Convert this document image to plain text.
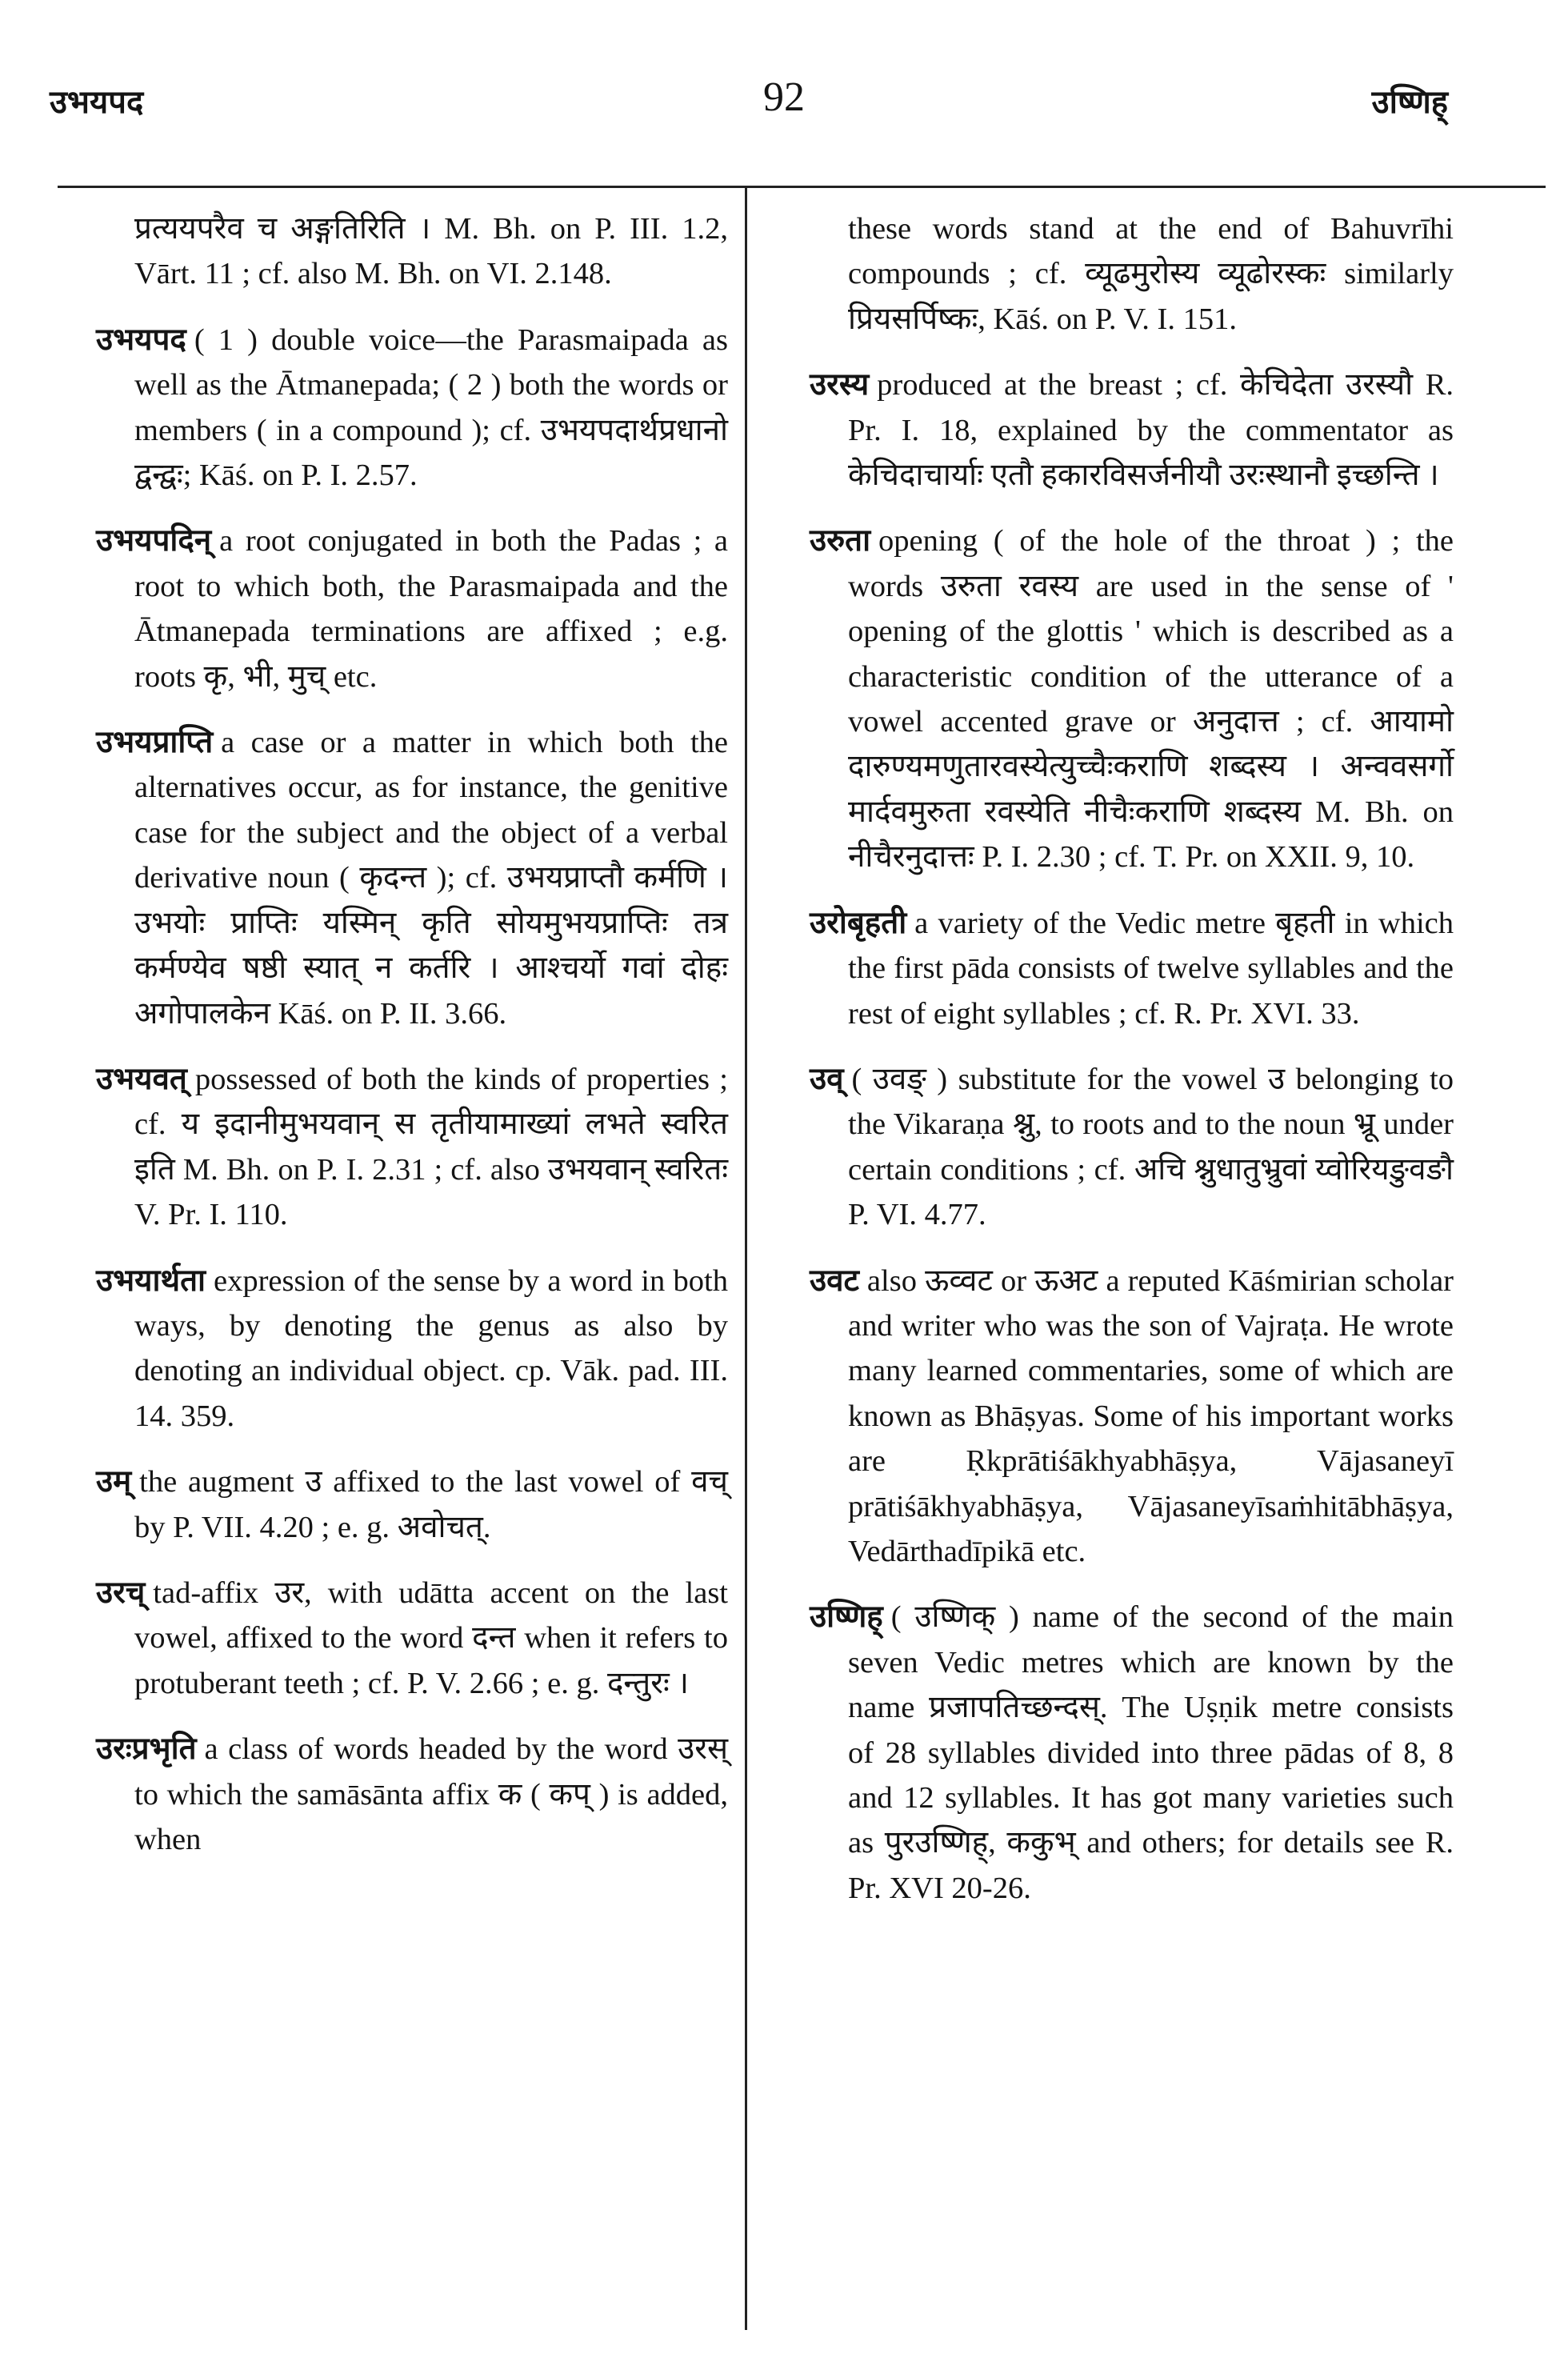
उभयपद	92	उष्णिह्

प्रत्ययपरैव च अङ्गतिरिति । M. Bh. on P. III. 1.2, Vārt. 11 ; cf. also M. Bh. on VI. 2.148.

उभयपद ( 1 ) double voice—the Parasmaipada as well as the Ātmanepada; ( 2 ) both the words or members ( in a compound ); cf. उभयपदार्थप्रधानो द्वन्द्वः; Kāś. on P. I. 2.57.

उभयपदिन् a root conjugated in both the Padas ; a root to which both, the Parasmaipada and the Ātmanepada terminations are affixed ; e.g. roots कृ, भी, मुच् etc.

उभयप्राप्ति a case or a matter in which both the alternatives occur, as for instance, the genitive case for the subject and the object of a verbal derivative noun ( कृदन्त ); cf. उभयप्राप्तौ कर्मणि । उभयोः प्राप्तिः यस्मिन् कृति सोयमुभयप्राप्तिः तत्र कर्मण्येव षष्ठी स्यात् न कर्तरि । आश्चर्यो गवां दोहः अगोपालकेन Kāś. on P. II. 3.66.

उभयवत् possessed of both the kinds of properties ; cf. य इदानीमुभयवान् स तृतीयामाख्यां लभते स्वरित इति M. Bh. on P. I. 2.31 ; cf. also उभयवान् स्वरितः V. Pr. I. 110.

उभयार्थता expression of the sense by a word in both ways, by denoting the genus as also by denoting an individual object. cp. Vāk. pad. III. 14. 359.

उम् the augment उ affixed to the last vowel of वच् by P. VII. 4.20 ; e. g. अवोचत्.

उरच् tad-affix उर, with udātta accent on the last vowel, affixed to the word दन्त when it refers to protuberant teeth ; cf. P. V. 2.66 ; e. g. दन्तुरः ।

उरःप्रभृति a class of words headed by the word उरस् to which the samāsānta affix क ( कप् ) is added, when

these words stand at the end of Bahuvrīhi compounds ; cf. व्यूढमुरोस्य व्यूढोरस्कः similarly प्रियसर्पिष्कः, Kāś. on P. V. I. 151.

उरस्य produced at the breast ; cf. केचिदेता उरस्यौ R. Pr. I. 18, explained by the commentator as केचिदाचार्याः एतौ हकारविसर्जनीयौ उरःस्थानौ इच्छन्ति ।

उरुता opening ( of the hole of the throat ) ; the words उरुता रवस्य are used in the sense of ' opening of the glottis ' which is described as a characteristic condition of the utterance of a vowel accented grave or अनुदात्त ; cf. आयामो दारुण्यमणुतारवस्येत्युच्चैःकराणि शब्दस्य । अन्ववसर्गो मार्दवमुरुता रवस्येति नीचैःकराणि शब्दस्य M. Bh. on नीचैरनुदात्तः P. I. 2.30 ; cf. T. Pr. on XXII. 9, 10.

उरोबृहती a variety of the Vedic metre बृहती in which the first pāda consists of twelve syllables and the rest of eight syllables ; cf. R. Pr. XVI. 33.

उव् ( उवङ् ) substitute for the vowel उ belonging to the Vikaraṇa श्नु, to roots and to the noun भ्रू under certain conditions ; cf. अचि श्नुधातुभ्रुवां य्वोरियङुवङौ P. VI. 4.77.

उवट also ऊव्वट or ऊअट a reputed Kāśmirian scholar and writer who was the son of Vajraṭa. He wrote many learned commentaries, some of which are known as Bhāṣyas. Some of his important works are Ṛkprātiśākhyabhāṣya, Vājasaneyī prātiśākhyabhāṣya, Vājasaneyīsaṁhitābhāṣya, Vedārthadīpikā etc.

उष्णिह् ( उष्णिक् ) name of the second of the main seven Vedic metres which are known by the name प्रजापतिच्छन्दस्. The Uṣṇik metre consists of 28 syllables divided into three pādas of 8, 8 and 12 syllables. It has got many varieties such as पुरउष्णिह्, ककुभ् and others; for details see R. Pr. XVI 20-26.
